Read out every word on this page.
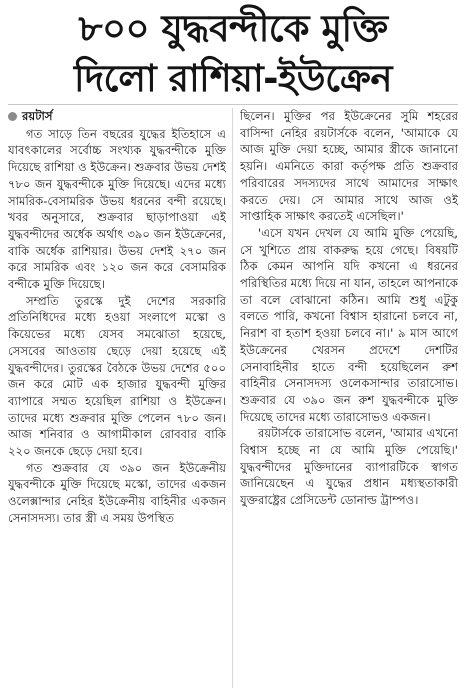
৮০০ যুদ্ধবন্দীকে মুক্তি
দিলো রাশিয়া-ইউক্রেন
রয়টার্স

গত সাড়ে তিন বছরের যুদ্ধের ইতিহাসে এ যাবৎকালের সর্বোচ্চ সংখ্যক যুদ্ধবন্দীকে মুক্তি দিয়েছে রাশিয়া ও ইউক্রেন। শুক্রবার উভয় দেশই ৭৮০ জন যুদ্ধবন্দীকে মুক্তি দিয়েছে। এদের মধ্যে সামরিক-বেসামরিক উভয় ধরনের বন্দী রয়েছে। খবর অনুসারে, শুক্রবার ছাড়াপাওয়া এই যুদ্ধবন্দীদের অর্ধেক অর্থাৎ ৩৯০ জন ইউক্রেনের, বাকি অর্ধেক রাশিয়ার। উভয় দেশই ২৭০ জন করে সামরিক এবং ১২০ জন করে বেসামরিক বন্দীকে মুক্তি দিয়েছে।

সম্প্রতি তুরস্কে দুই দেশের সরকারি প্রতিনিধিদের মধ্যে হওয়া সংলাপে মস্কো ও কিয়েভের মধ্যে যেসব সমঝোতা হয়েছে, সেসবের আওতায় ছেড়ে দেয়া হয়েছে এই যুদ্ধবন্দীদের। তুরস্কের বৈঠকে উভয় দেশের ৫০০ জন করে মোট এক হাজার যুদ্ধবন্দী মুক্তির ব্যাপারে সম্মত হয়েছিল রাশিয়া ও ইউক্রেন। তাদের মধ্যে শুক্রবার মুক্তি পেলেন ৭৮০ জন। আজ শনিবার ও আগামীকাল রোববার বাকি ২২০ জনকে ছেড়ে দেয়া হবে।

গত শুক্রবার যে ৩৯০ জন ইউক্রেনীয় যুদ্ধবন্দীকে মুক্তি দিয়েছে মস্কো, তাদের একজন ওলেক্সান্দার নেহির ইউক্রেনীয় বাহিনীর একজন সেনাসদস্য। তার স্ত্রী এ সময় উপস্থিত

ছিলেন। মুক্তির পর ইউক্রেনের সুমি শহরের বাসিন্দা নেহির রয়টার্সকে বলেন, 'আমাকে যে আজ মুক্তি দেয়া হচ্ছে, আমার স্ত্রীকে জানানো হয়নি। এমনিতে কারা কর্তৃপক্ষ প্রতি শুক্রবার পরিবারের সদস্যদের সাথে আমাদের সাক্ষাৎ করতে দেয়। সে আমার সাথে আজ ওই সাপ্তাহিক সাক্ষাৎ করতেই এসেছিল।'

'এসে যখন দেখল যে আমি মুক্তি পেয়েছি, সে খুশিতে প্রায় বাকরুদ্ধ হয়ে গেছে। বিষয়টি ঠিক কেমন আপনি যদি কখনো এ ধরনের পরিস্থিতির মধ্যে দিয়ে না যান, তাহলে আপনাকে তা বলে বোঝানো কঠিন। আমি শুধু এটুকু বলতে পারি, কখনো বিশ্বাস হারানো চলবে না, নিরাশ বা হতাশ হওয়া চলবে না।' ৯ মাস আগে ইউক্রেনের খেরসন প্রদেশে দেশটির সেনাবাহিনীর হাতে বন্দী হয়েছিলেন রুশ বাহিনীর সেনাসদস্য ওলেকসান্দার তারাসোভ। শুক্রবার যে ৩৯০ জন রুশ যুদ্ধবন্দীকে মুক্তি দিয়েছে তাদের মধ্যে তারাসোভও একজন।

রয়টার্সকে তারাসোভ বলেন, 'আমার এখনো বিশ্বাস হচ্ছে না যে আমি মুক্তি পেয়েছি।' যুদ্ধবন্দীদের মুক্তিদানের ব্যাপারটিকে স্বাগত জানিয়েছেন এ যুদ্ধের প্রধান মধ্যস্থতাকারী যুক্তরাষ্ট্রের প্রেসিডেন্ট ডোনাল্ড ট্রাম্পও।
